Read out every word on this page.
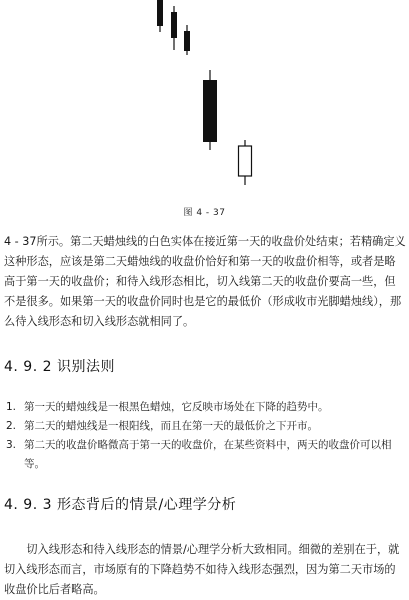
图 4 - 37

4 - 37所示。第二天蜡烛线的白色实体在接近第一天的收盘价处结束；若精确定义这种形态，应该是第二天蜡烛线的收盘价恰好和第一天的收盘价相等，或者是略高于第一天的收盘价；和待入线形态相比，切入线第二天的收盘价要高一些，但不是很多。如果第一天的收盘价同时也是它的最低价（形成收市光脚蜡烛线），那么待入线形态和切入线形态就相同了。

4. 9. 2 识别法则
1. 第一天的蜡烛线是一根黑色蜡烛，它反映市场处在下降的趋势中。
2. 第二天的蜡烛线是一根阳线，而且在第一天的最低价之下开市。
3. 第二天的收盘价略微高于第一天的收盘价，在某些资料中，两天的收盘价可以相等。
4. 9. 3 形态背后的情景/心理学分析

切入线形态和待入线形态的情景/心理学分析大致相同。细微的差别在于，就切入线形态而言，市场原有的下降趋势不如待入线形态强烈，因为第二天市场的收盘价比后者略高。
